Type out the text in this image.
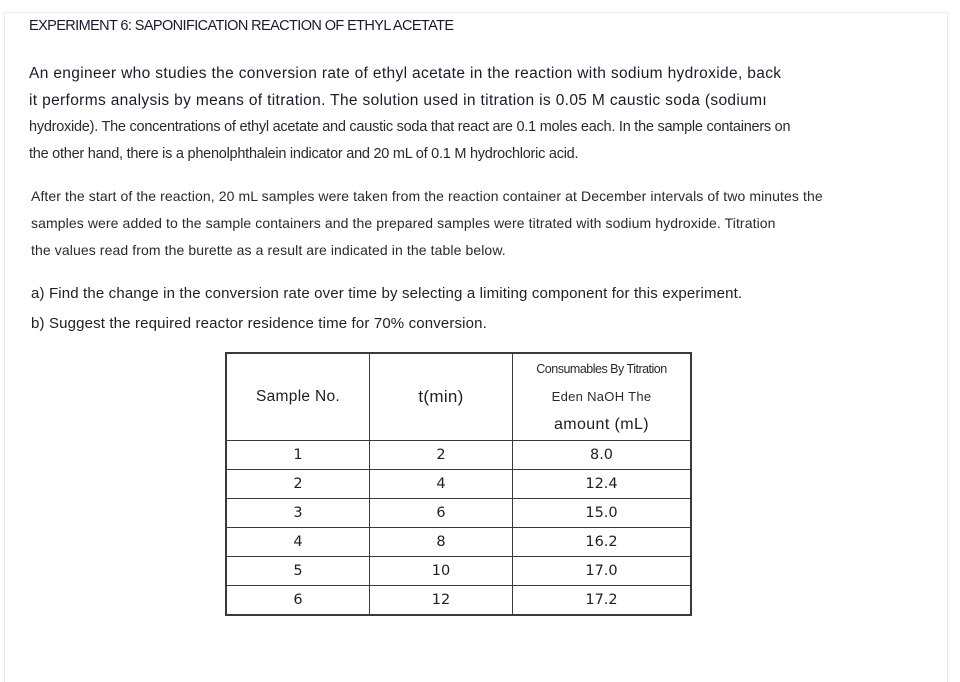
EXPERIMENT 6: SAPONIFICATION REACTION OF ETHYL ACETATE
An engineer who studies the conversion rate of ethyl acetate in the reaction with sodium hydroxide, back
it performs analysis by means of titration. The solution used in titration is 0.05 M caustic soda (sodiumı
hydroxide). The concentrations of ethyl acetate and caustic soda that react are 0.1 moles each. In the sample containers on
the other hand, there is a phenolphthalein indicator and 20 mL of 0.1 M hydrochloric acid.
After the start of the reaction, 20 mL samples were taken from the reaction container at December intervals of two minutes the
samples were added to the sample containers and the prepared samples were titrated with sodium hydroxide. Titration
the values read from the burette as a result are indicated in the table below.
a) Find the change in the conversion rate over time by selecting a limiting component for this experiment.
b) Suggest the required reactor residence time for 70% conversion.
Sample No.	t(min)	Consumables By Titration
Eden NaOH The
amount (mL)

1	2	8.0
2	4	12.4
3	6	15.0
4	8	16.2
5	10	17.0
6	12	17.2
